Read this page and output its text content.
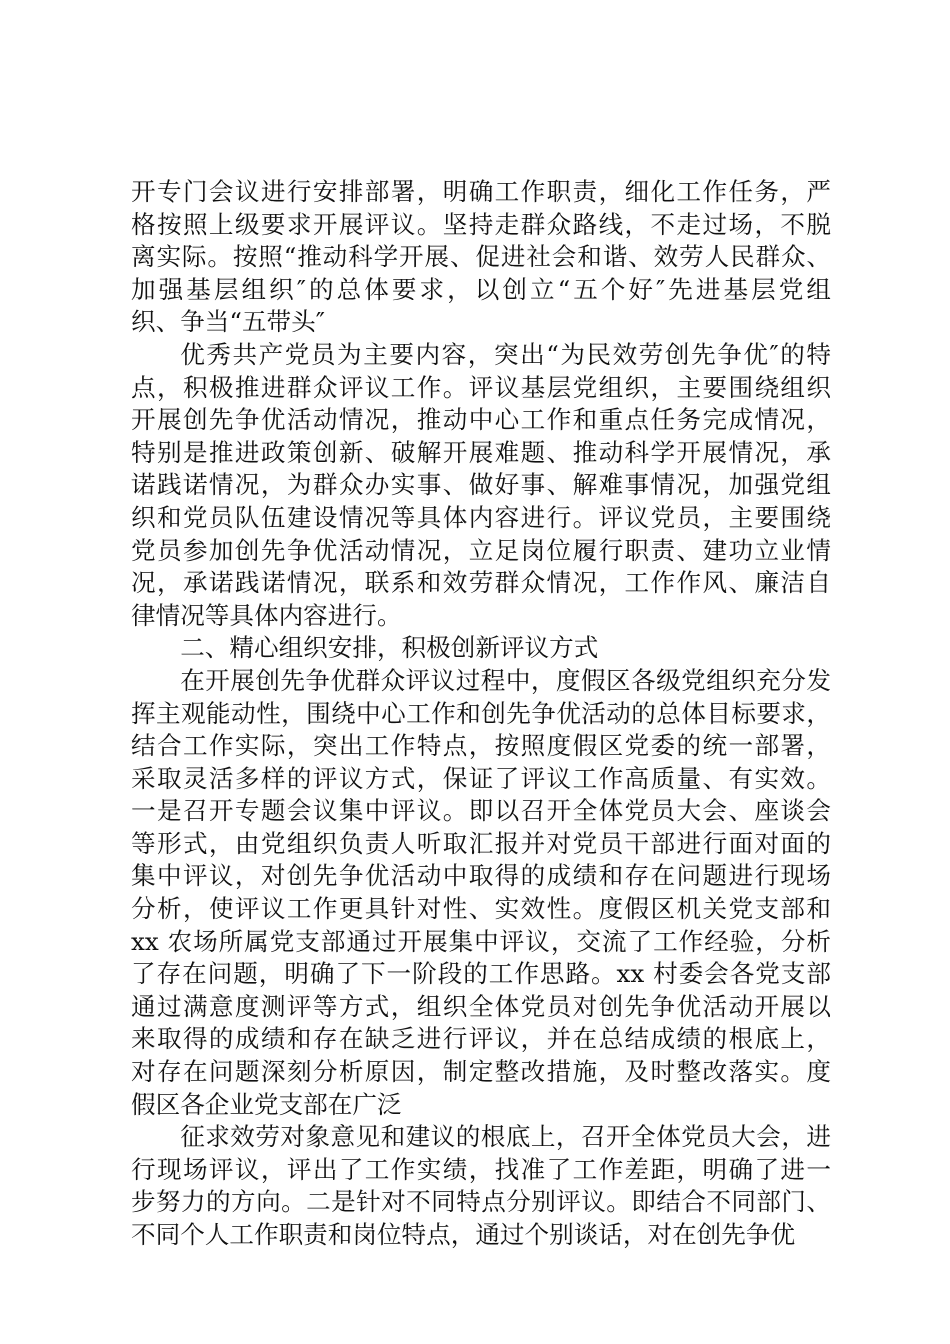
开专门会议进行安排部署，明确工作职责，细化工作任务，严
格按照上级要求开展评议。坚持走群众路线，不走过场，不脱
离实际。按照“推动科学开展、促进社会和谐、效劳人民群众、
加强基层组织″的总体要求，以创立“五个好″先进基层党组
织、争当“五带头″
优秀共产党员为主要内容，突出“为民效劳创先争优″的特
点，积极推进群众评议工作。评议基层党组织，主要围绕组织
开展创先争优活动情况，推动中心工作和重点任务完成情况，
特别是推进政策创新、破解开展难题、推动科学开展情况，承
诺践诺情况，为群众办实事、做好事、解难事情况，加强党组
织和党员队伍建设情况等具体内容进行。评议党员，主要围绕
党员参加创先争优活动情况，立足岗位履行职责、建功立业情
况，承诺践诺情况，联系和效劳群众情况，工作作风、廉洁自
律情况等具体内容进行。
二、精心组织安排，积极创新评议方式
在开展创先争优群众评议过程中，度假区各级党组织充分发
挥主观能动性，围绕中心工作和创先争优活动的总体目标要求，
结合工作实际，突出工作特点，按照度假区党委的统一部署，
采取灵活多样的评议方式，保证了评议工作高质量、有实效。
一是召开专题会议集中评议。即以召开全体党员大会、座谈会
等形式，由党组织负责人听取汇报并对党员干部进行面对面的
集中评议，对创先争优活动中取得的成绩和存在问题进行现场
分析，使评议工作更具针对性、实效性。度假区机关党支部和
xx 农场所属党支部通过开展集中评议，交流了工作经验，分析
了存在问题，明确了下一阶段的工作思路。xx 村委会各党支部
通过满意度测评等方式，组织全体党员对创先争优活动开展以
来取得的成绩和存在缺乏进行评议，并在总结成绩的根底上，
对存在问题深刻分析原因，制定整改措施，及时整改落实。度
假区各企业党支部在广泛
征求效劳对象意见和建议的根底上，召开全体党员大会，进
行现场评议，评出了工作实绩，找准了工作差距，明确了进一
步努力的方向。二是针对不同特点分别评议。即结合不同部门、
不同个人工作职责和岗位特点，通过个别谈话，对在创先争优
